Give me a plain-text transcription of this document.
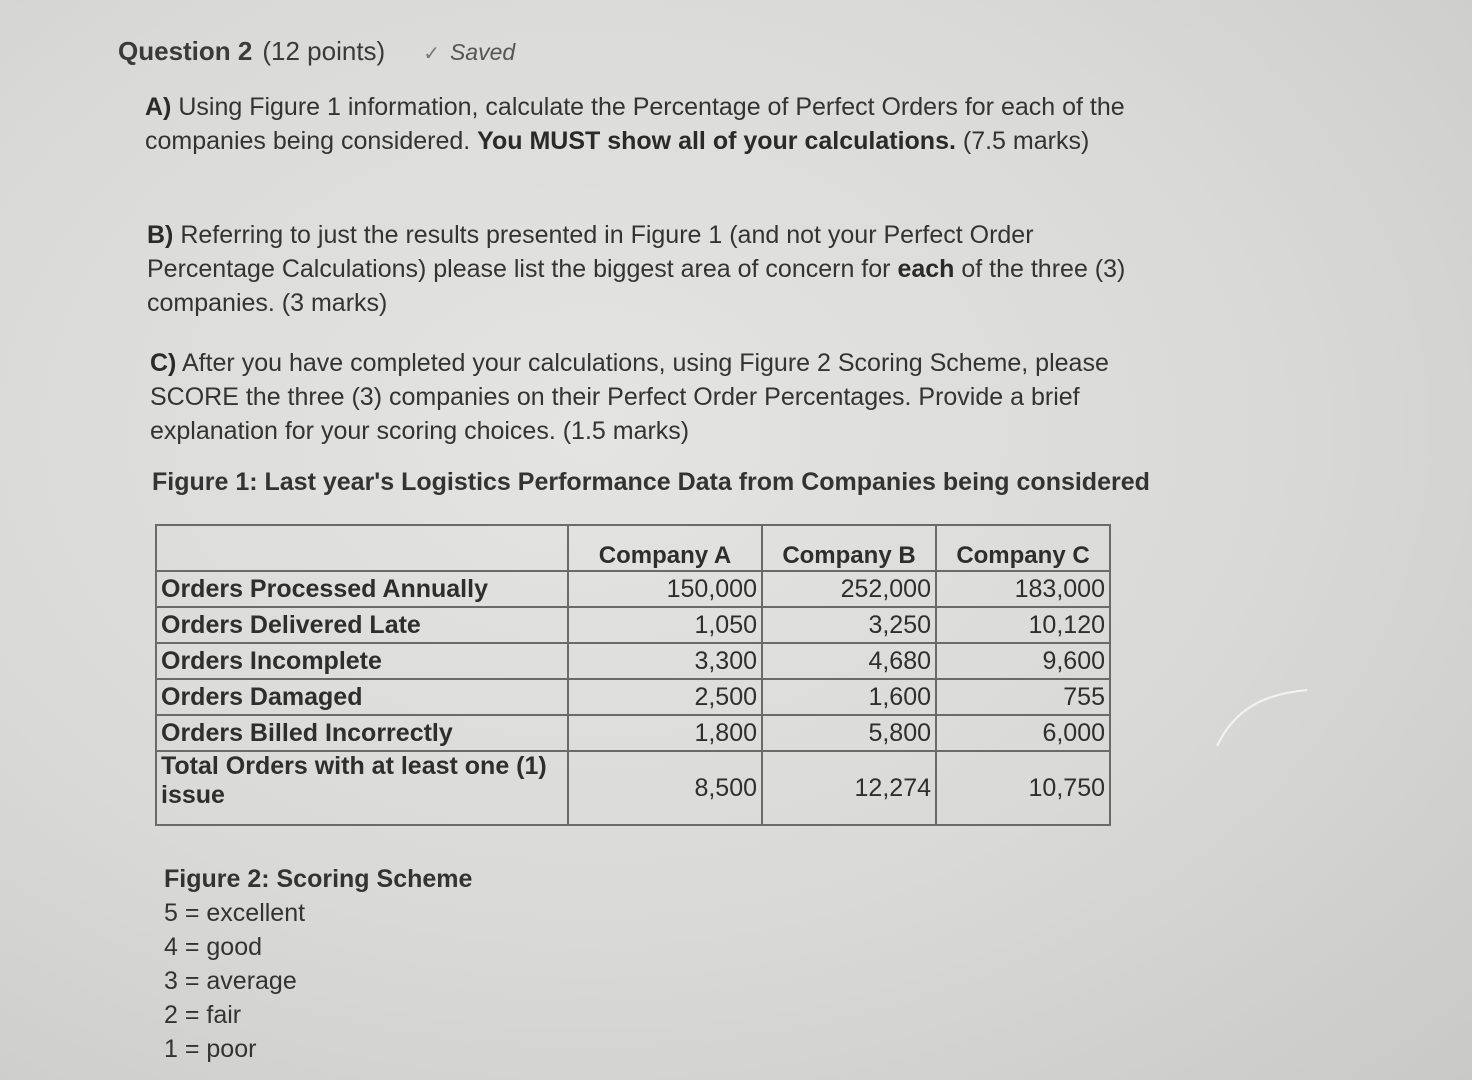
Question 2 (12 points) ✓ Saved
A) Using Figure 1 information, calculate the Percentage of Perfect Orders for each of the companies being considered. You MUST show all of your calculations. (7.5 marks)
B) Referring to just the results presented in Figure 1 (and not your Perfect Order Percentage Calculations) please list the biggest area of concern for each of the three (3) companies. (3 marks)
C) After you have completed your calculations, using Figure 2 Scoring Scheme, please SCORE the three (3) companies on their Perfect Order Percentages. Provide a brief explanation for your scoring choices. (1.5 marks)
Figure 1: Last year's Logistics Performance Data from Companies being considered
	Company A	Company B	Company C
Orders Processed Annually	150,000	252,000	183,000
Orders Delivered Late	1,050	3,250	10,120
Orders Incomplete	3,300	4,680	9,600
Orders Damaged	2,500	1,600	755
Orders Billed Incorrectly	1,800	5,800	6,000
Total Orders with at least one (1) issue	8,500	12,274	10,750
Figure 2: Scoring Scheme
5 = excellent
4 = good
3 = average
2 = fair
1 = poor
